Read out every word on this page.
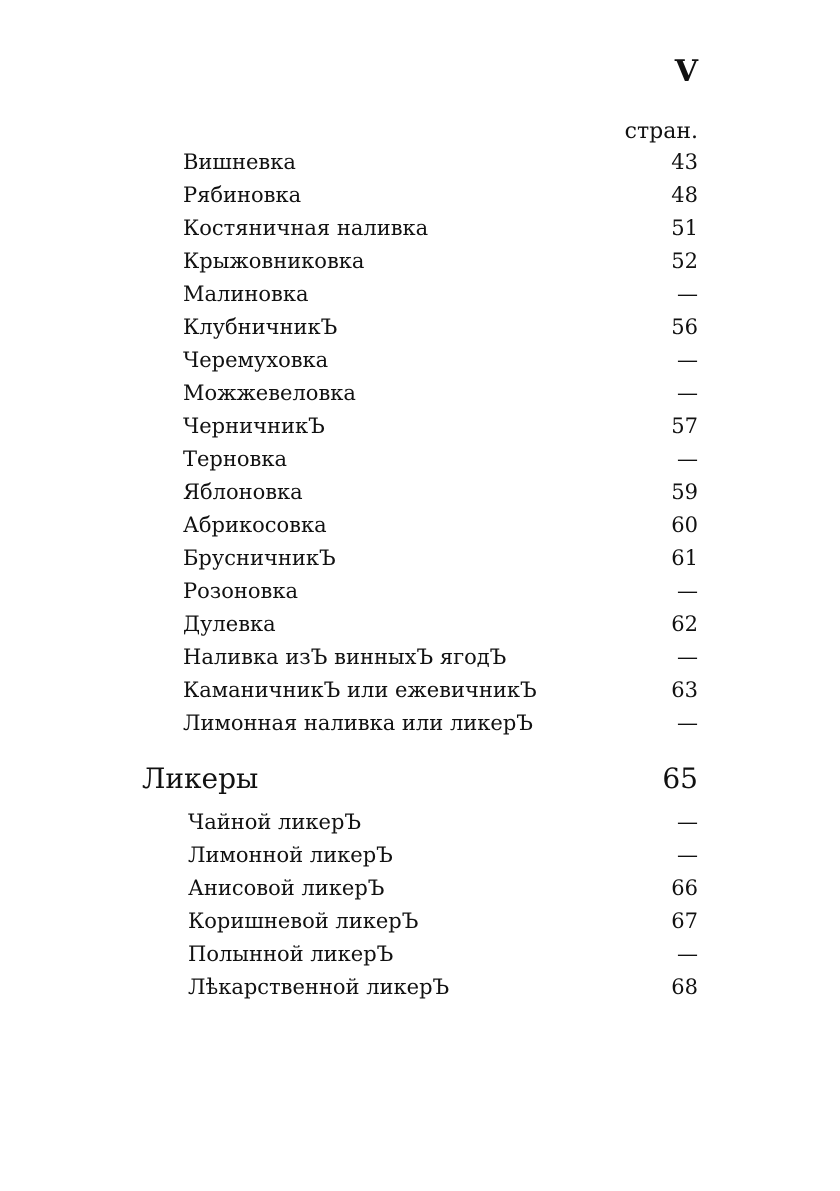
V
стран.
Вишневка	43
Рябиновка	48
Костяничная наливка	51
Крыжовниковка	52
Малиновка	—
КлубничникЪ	56
Черемуховка	—
Можжевеловка	—
ЧерничникЪ	57
Терновка	—
Яблоновка	59
Абрикосовка	60
БрусничникЪ	61
Розоновка	—
Дулевка	62
Наливка изЪ винныхЪ ягодЪ	—
КаманичникЪ или ежевичникЪ	63
Лимонная наливка или ликерЪ	—
Ликеры	65
Чайной ликерЪ	—
Лимонной ликерЪ	—
Анисовой ликерЪ	66
Коришневой ликерЪ	67
Полынной ликерЪ	—
Лѣкарственной ликерЪ	68
